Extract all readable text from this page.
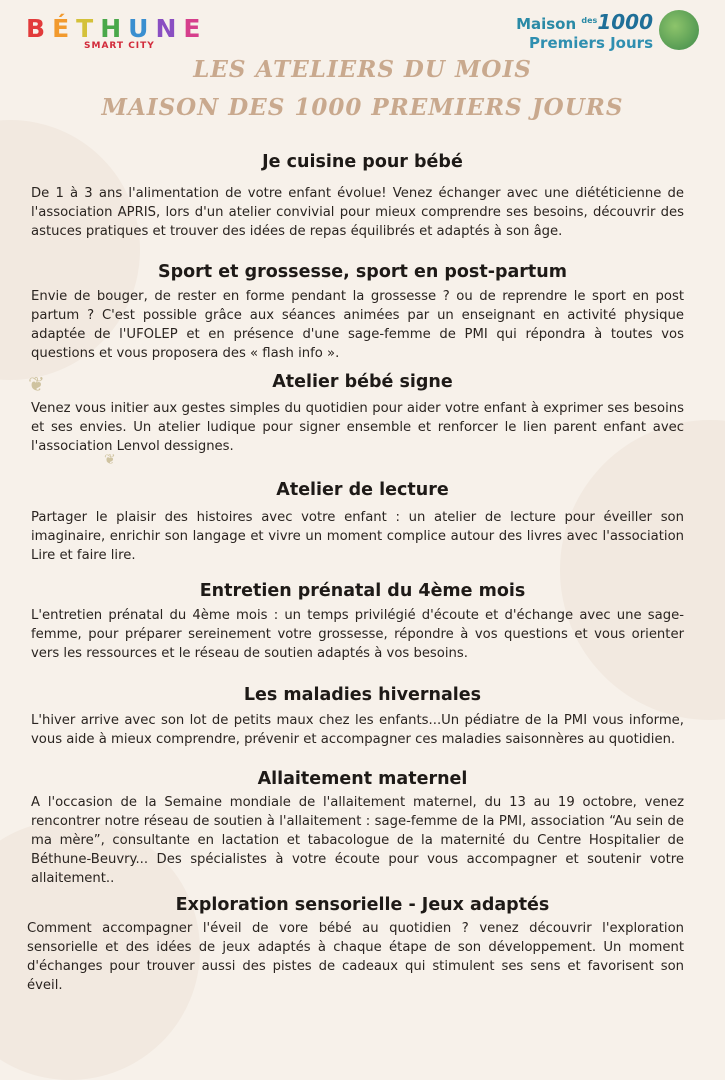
BÉTHUNE
SMART CITY
Maison $^{des}$1000
Premiers Jours
LES ATELIERS DU MOIS
MAISON DES 1000 PREMIERS JOURS
❦
❦
Je cuisine pour bébé
De 1 à 3 ans l'alimentation de votre enfant évolue! Venez échanger avec une diététicienne de l'association APRIS, lors d'un atelier convivial pour mieux comprendre ses besoins, découvrir des astuces pratiques et trouver des idées de repas équilibrés et adaptés à son âge.
Sport et grossesse, sport en post-partum
Envie de bouger, de rester en forme pendant la grossesse ? ou de reprendre le sport en post partum ? C'est possible grâce aux séances animées par un enseignant en activité physique adaptée de l'UFOLEP et en présence d'une sage-femme de PMI qui répondra à toutes vos questions et vous proposera des « flash info ».
Atelier bébé signe
Venez vous initier aux gestes simples du quotidien pour aider votre enfant à exprimer ses besoins et ses envies. Un atelier ludique pour signer ensemble et renforcer le lien parent enfant avec l'association Lenvol dessignes.
Atelier de lecture
Partager le plaisir des histoires avec votre enfant : un atelier de lecture pour éveiller son imaginaire, enrichir son langage et vivre un moment complice autour des livres avec l'association Lire et faire lire.
Entretien prénatal du 4ème mois
L'entretien prénatal du 4ème mois : un temps privilégié d'écoute et d'échange avec une sage-femme, pour préparer sereinement votre grossesse, répondre à vos questions et vous orienter vers les ressources et le réseau de soutien adaptés à vos besoins.
Les maladies hivernales
L'hiver arrive avec son lot de petits maux chez les enfants...Un pédiatre de la PMI vous informe, vous aide à mieux comprendre, prévenir et accompagner ces maladies saisonnères au quotidien.
Allaitement maternel
A l'occasion de la Semaine mondiale de l'allaitement maternel, du 13 au 19 octobre, venez rencontrer notre réseau de soutien à l'allaitement : sage-femme de la PMI, association “Au sein de ma mère”, consultante en lactation et tabacologue de la maternité du Centre Hospitalier de Béthune-Beuvry... Des spécialistes à votre écoute pour vous accompagner et soutenir votre allaitement..
Exploration sensorielle - Jeux adaptés
Comment accompagner l'éveil de vore bébé au quotidien ? venez découvrir l'exploration sensorielle et des idées de jeux adaptés à chaque étape de son développement. Un moment d'échanges pour trouver aussi des pistes de cadeaux qui stimulent ses sens et favorisent son éveil.
